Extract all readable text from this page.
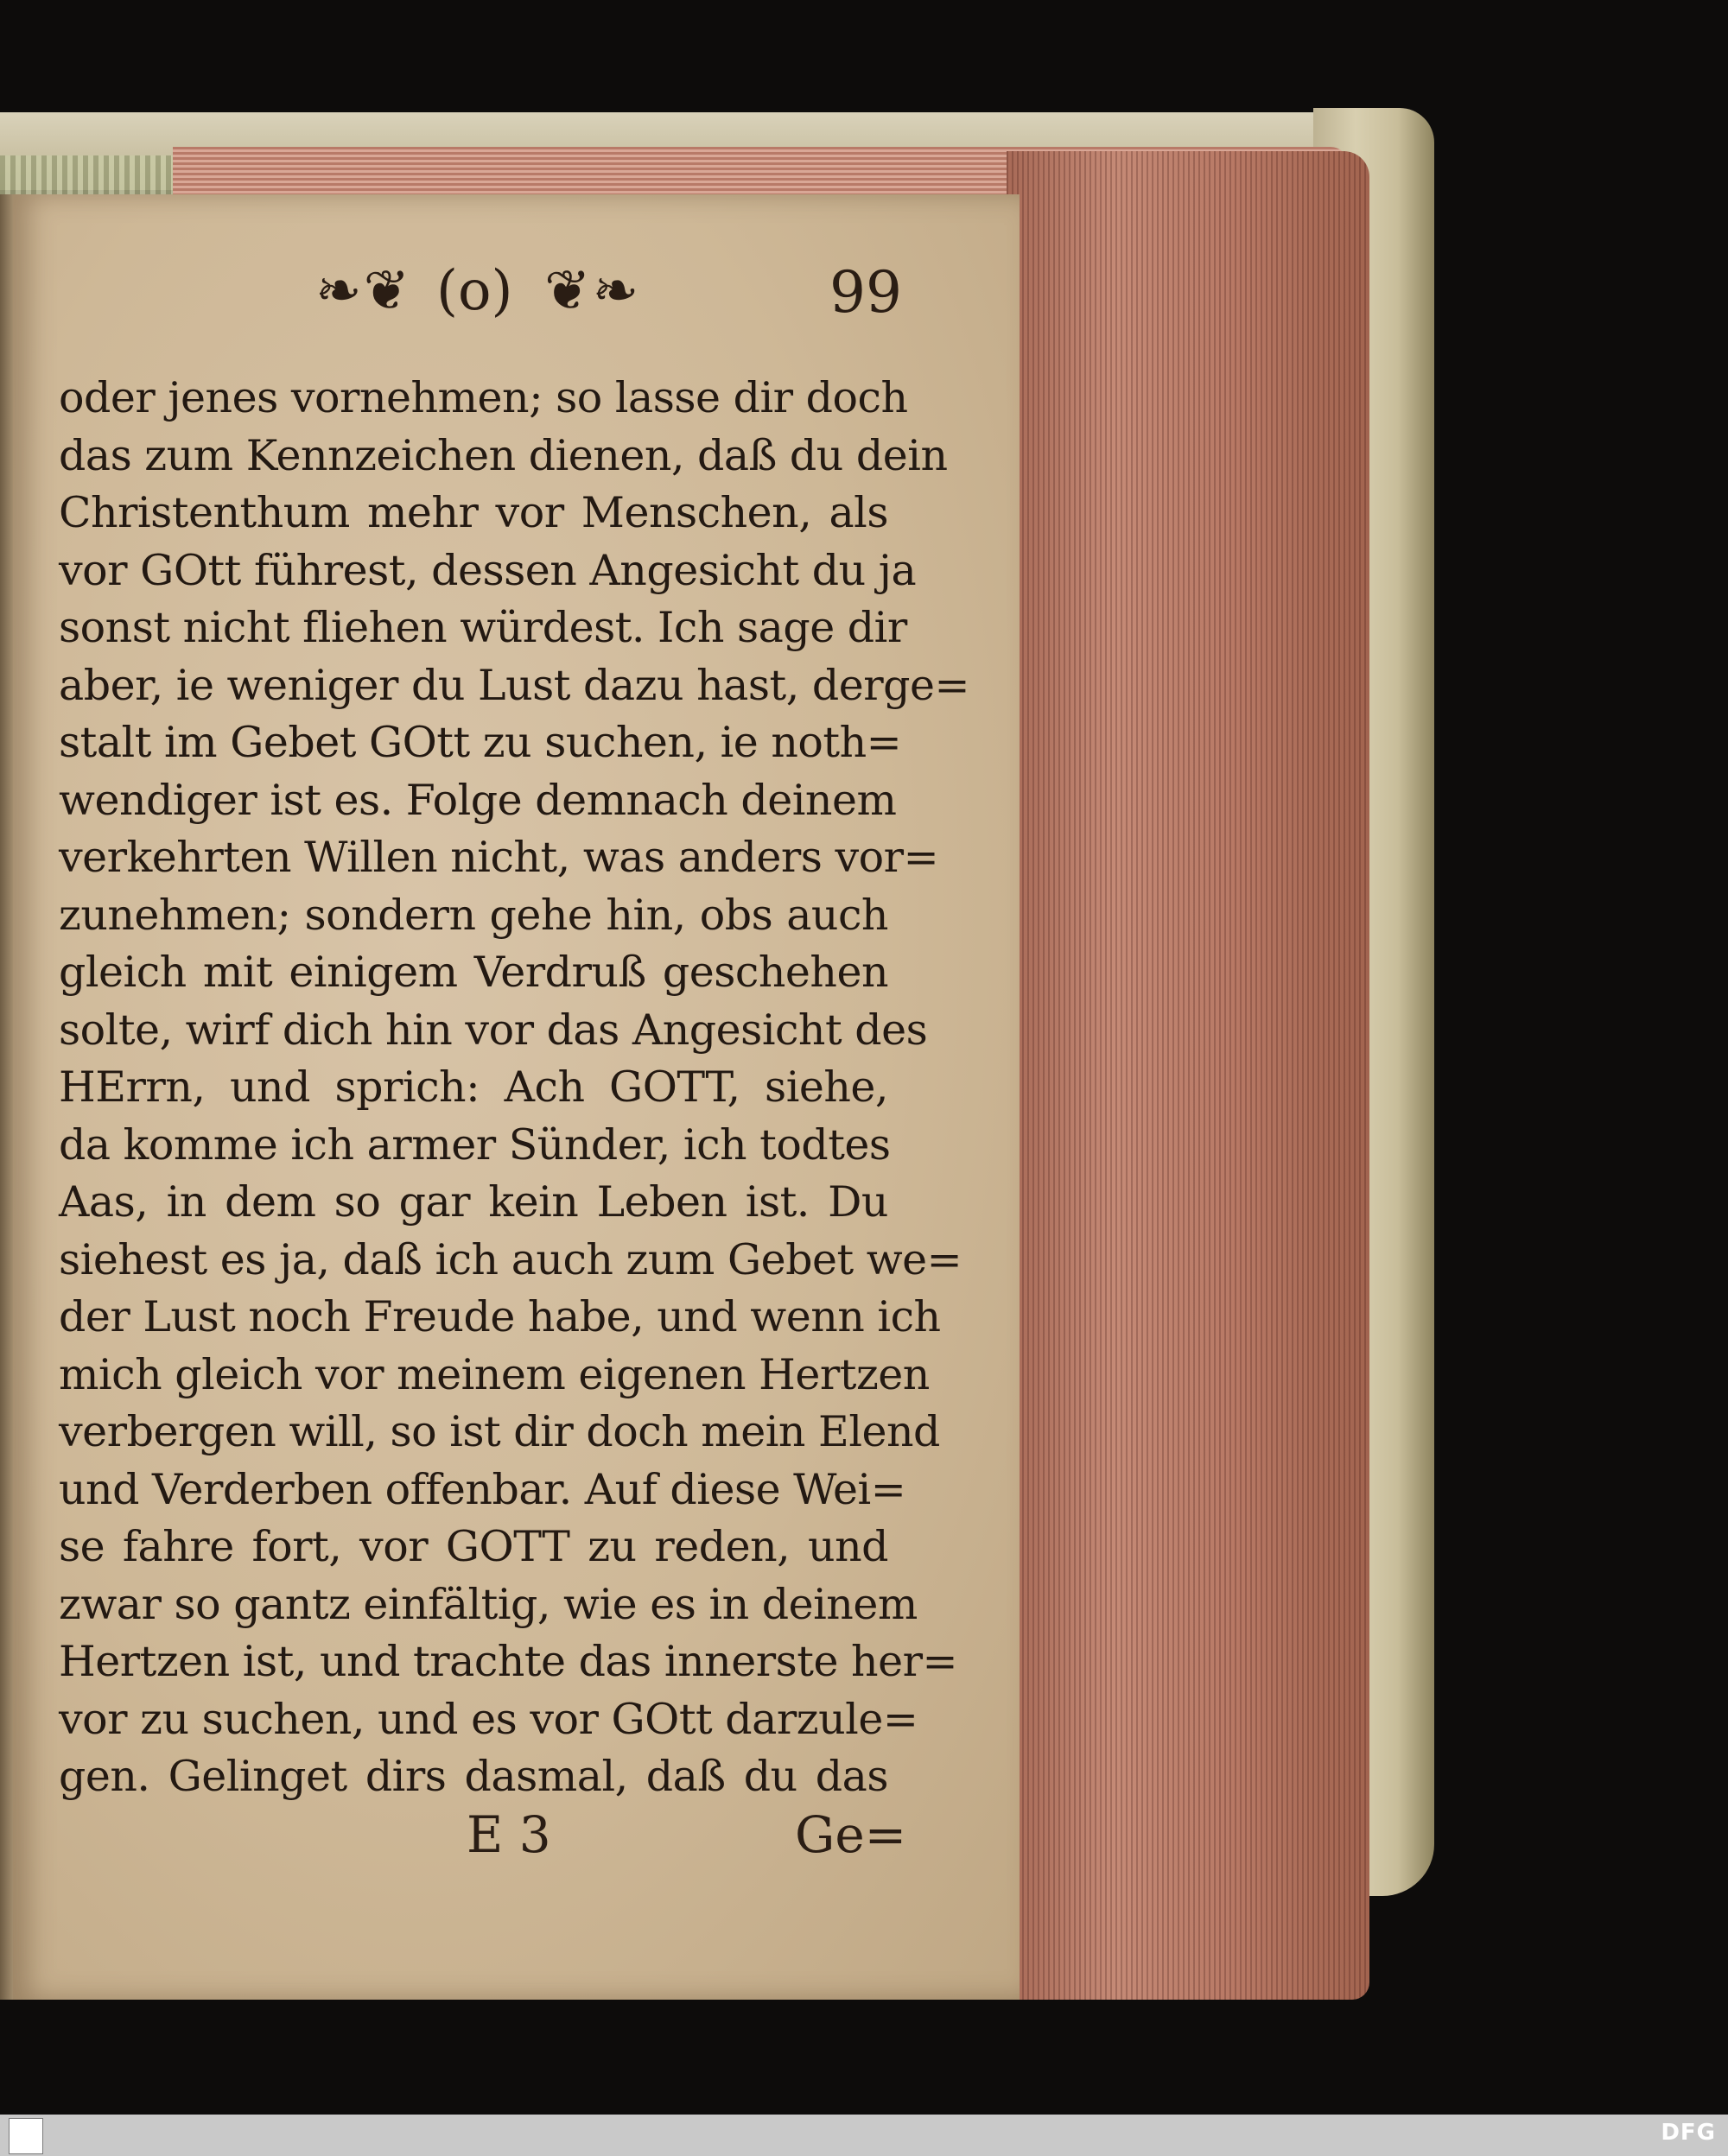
❧❦ (o) ❦❧	99
oder jenes vornehmen; so lasse dir doch
das zum Kennzeichen dienen, daß du dein
Christenthum mehr vor Menschen, als
vor GOtt führest, dessen Angesicht du ja
sonst nicht fliehen würdest. Ich sage dir
aber, ie weniger du Lust dazu hast, derge=
stalt im Gebet GOtt zu suchen, ie noth=
wendiger ist es. Folge demnach deinem
verkehrten Willen nicht, was anders vor=
zunehmen; sondern gehe hin, obs auch
gleich mit einigem Verdruß geschehen
solte, wirf dich hin vor das Angesicht des
HErrn, und sprich: Ach GOTT, siehe,
da komme ich armer Sünder, ich todtes
Aas, in dem so gar kein Leben ist. Du
siehest es ja, daß ich auch zum Gebet we=
der Lust noch Freude habe, und wenn ich
mich gleich vor meinem eigenen Hertzen
verbergen will, so ist dir doch mein Elend
und Verderben offenbar. Auf diese Wei=
se fahre fort, vor GOTT zu reden, und
zwar so gantz einfältig, wie es in deinem
Hertzen ist, und trachte das innerste her=
vor zu suchen, und es vor GOtt darzule=
gen. Gelinget dirs dasmal, daß du das
E 3	Ge=
DFG
